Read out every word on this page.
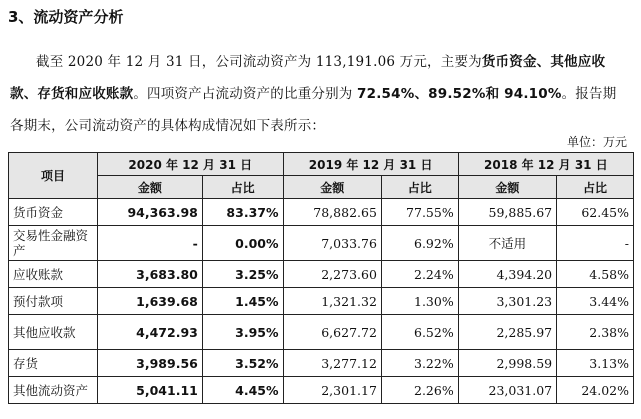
3、流动资产分析
截至 2020 年 12 月 31 日，公司流动资产为 113,191.06 万元，主要为货币资金、其他应收款、存货和应收账款。四项资产占流动资产的比重分别为 72.54%、89.52%和 94.10%。报告期各期末，公司流动资产的具体构成情况如下表所示：
单位：万元
项目	2020 年 12 月 31 日		2019 年 12 月 31 日		2018 年 12 月 31 日	
	金额	占比	金额	占比	金额	占比
货币资金	94,363.98	83.37%	78,882.65	77.55%	59,885.67	62.45%
交易性金融资产	-	0.00%	7,033.76	6.92%	不适用	-
应收账款	3,683.80	3.25%	2,273.60	2.24%	4,394.20	4.58%
预付款项	1,639.68	1.45%	1,321.32	1.30%	3,301.23	3.44%
其他应收款	4,472.93	3.95%	6,627.72	6.52%	2,285.97	2.38%
存货	3,989.56	3.52%	3,277.12	3.22%	2,998.59	3.13%
其他流动资产	5,041.11	4.45%	2,301.17	2.26%	23,031.07	24.02%
